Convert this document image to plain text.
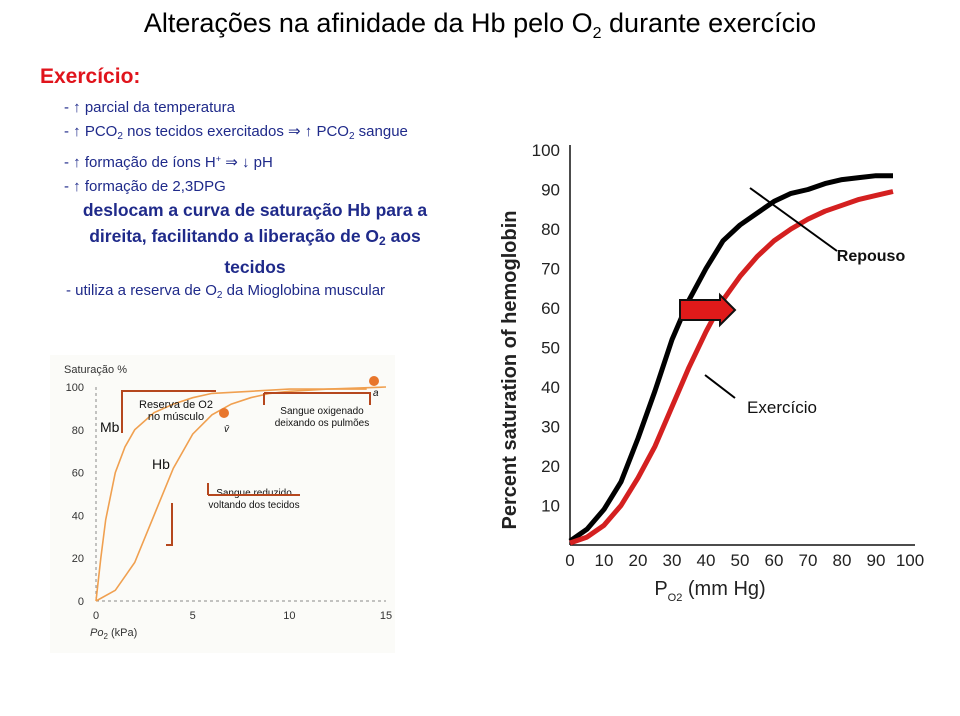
Alterações na afinidade da Hb pelo $O_2$ durante exercício
Exercício:
- ↑ parcial da temperatura
- ↑ $PCO_2$ nos tecidos exercitados ⇒ ↑ $PCO_2$ sangue
- ↑ formação de íons H+ ⇒ ↓ pH
- ↑ formação de 2,3DPG
deslocam a curva de saturação Hb para a
direita, facilitando a liberação de $O_2$ aos
tecidos
- utiliza a reserva de $O_2$ da Mioglobina muscular	Percent saturation of hemoglobin
100
90
80
70
60
50
40
30
20
10
0 10 20 30 40 50 60 70 80 90 100
$P_{O2}$ (mm Hg)
Repouso
Exercício
Saturação %
100
80
60
40
20
0
0	5	10	15
$Po_2$ (kPa)
Mb
Hb
Reserva de O2
no músculo
v̄
a
Sangue oxigenado
deixando os pulmões
Sangue reduzido
voltando dos tecidos
